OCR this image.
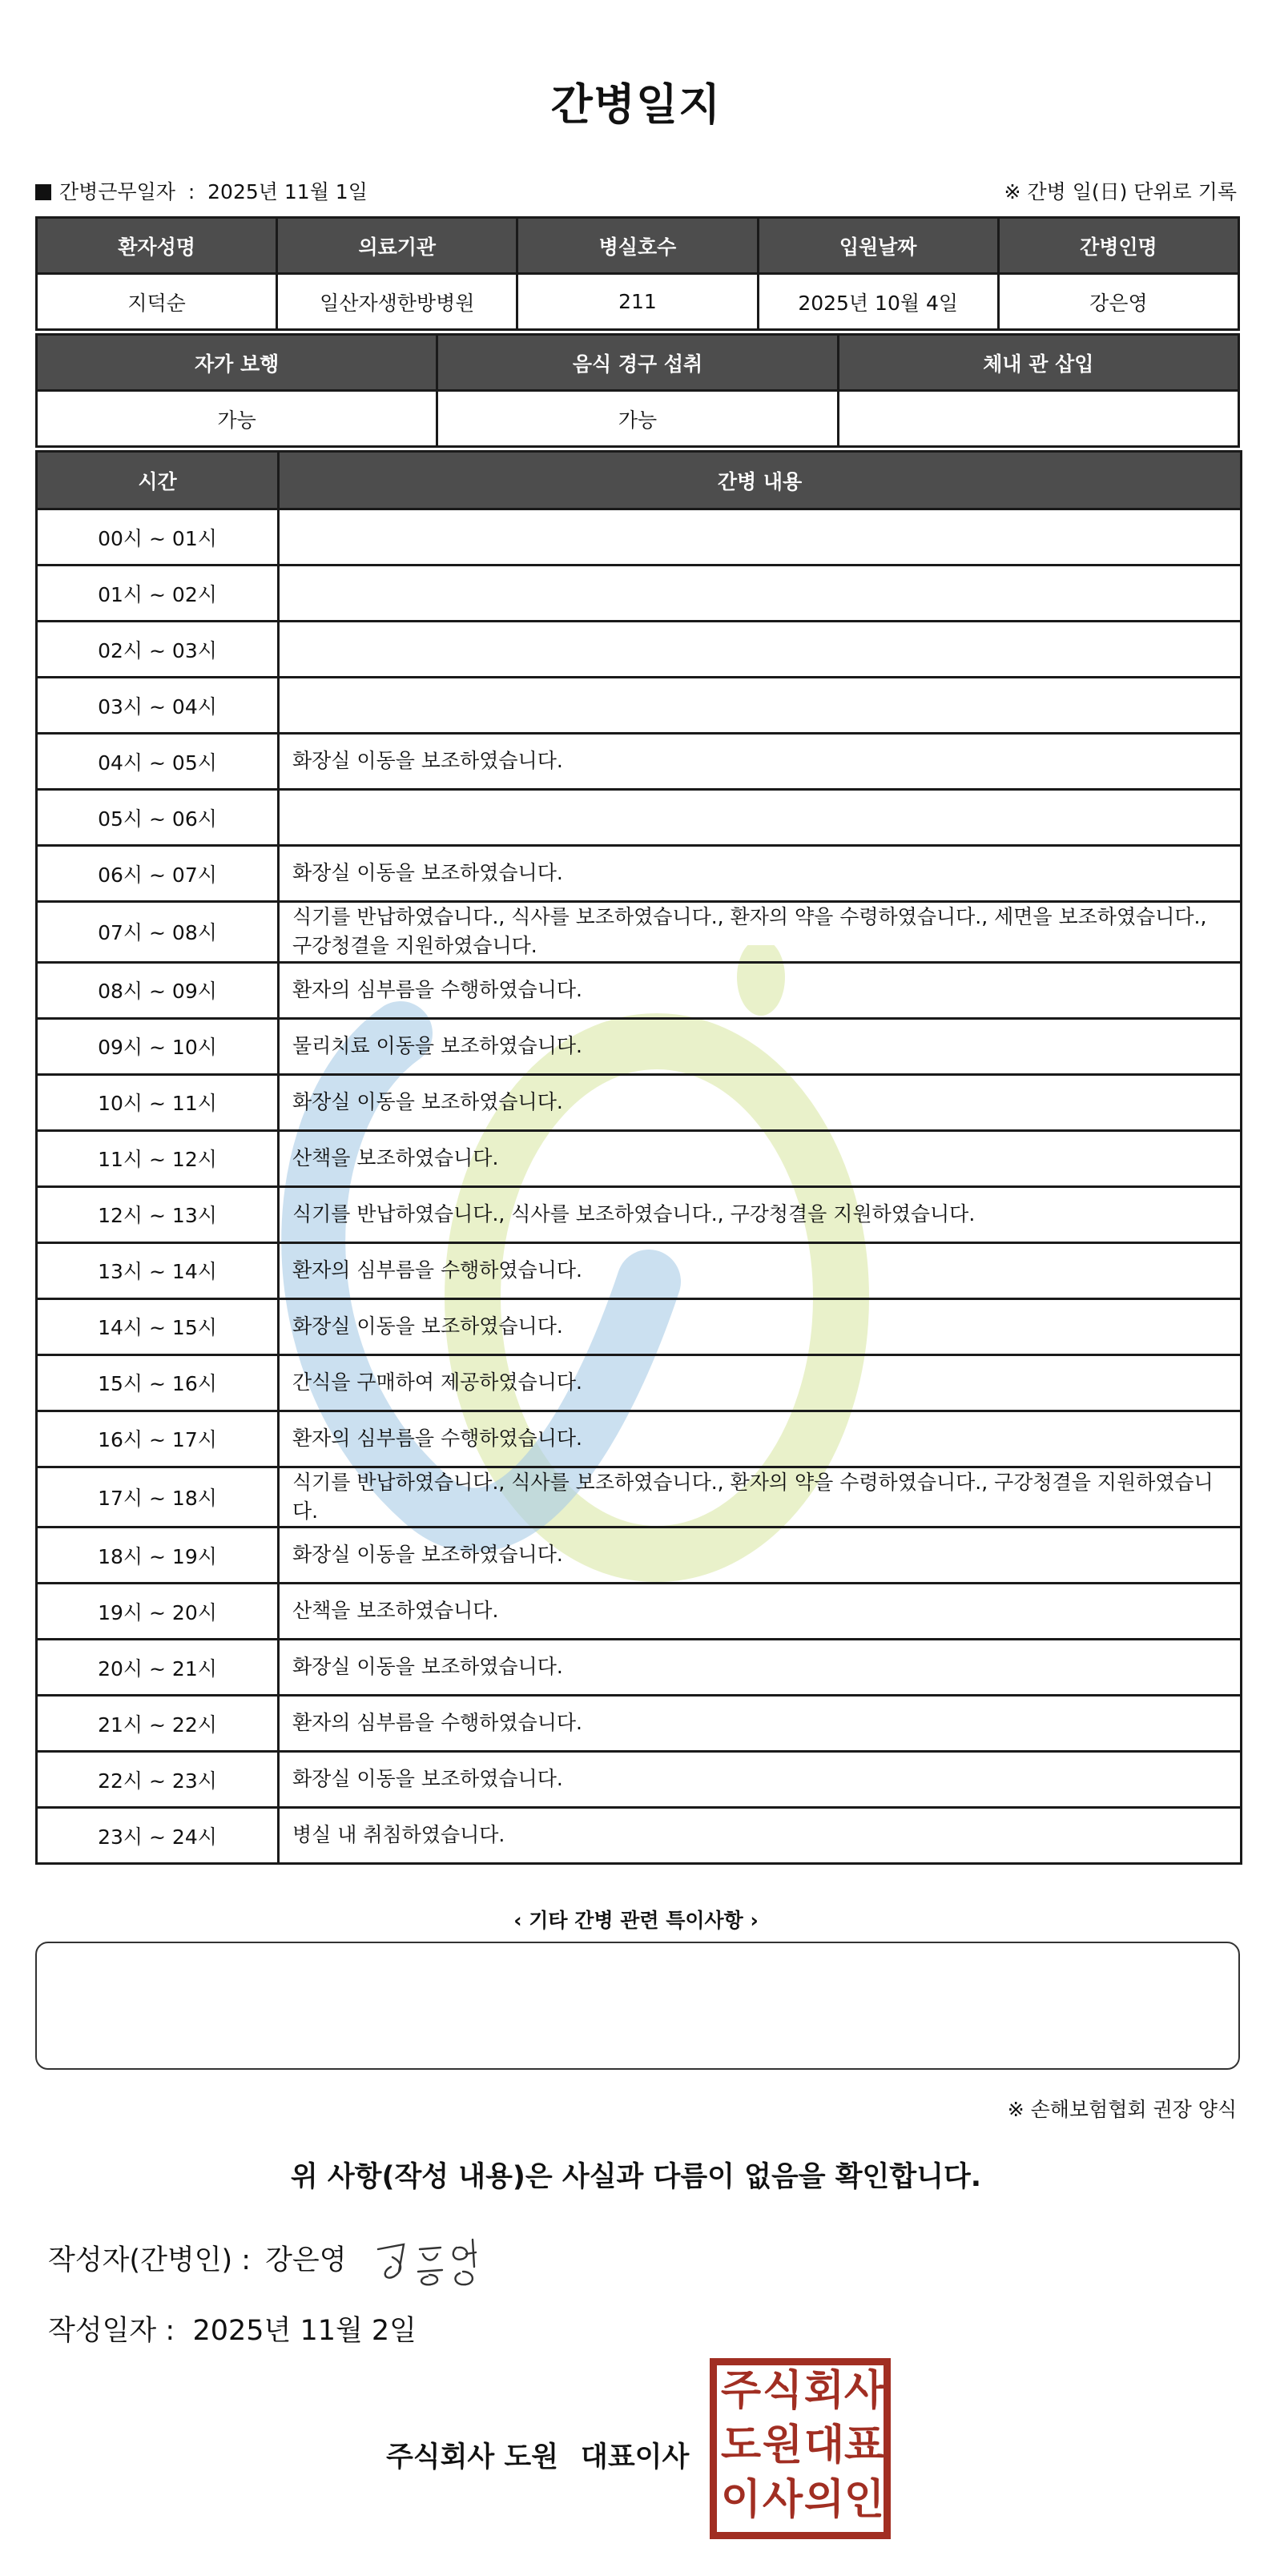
간병일지
간병근무일자 : 2025년 11월 1일	※ 간병 일(日) 단위로 기록
환자성명	의료기관	병실호수	입원날짜	간병인명
지덕순	일산자생한방병원	211	2025년 10월 4일	강은영
자가 보행	음식 경구 섭취	체내 관 삽입
가능	가능	
시간	간병 내용
00시 ~ 01시	
01시 ~ 02시	
02시 ~ 03시	
03시 ~ 04시	
04시 ~ 05시	화장실 이동을 보조하였습니다.
05시 ~ 06시	
06시 ~ 07시	화장실 이동을 보조하였습니다.
07시 ~ 08시	식기를 반납하였습니다., 식사를 보조하였습니다., 환자의 약을 수령하였습니다., 세면을 보조하였습니다., 구강청결을 지원하였습니다.
08시 ~ 09시	환자의 심부름을 수행하였습니다.
09시 ~ 10시	물리치료 이동을 보조하였습니다.
10시 ~ 11시	화장실 이동을 보조하였습니다.
11시 ~ 12시	산책을 보조하였습니다.
12시 ~ 13시	식기를 반납하였습니다., 식사를 보조하였습니다., 구강청결을 지원하였습니다.
13시 ~ 14시	환자의 심부름을 수행하였습니다.
14시 ~ 15시	화장실 이동을 보조하였습니다.
15시 ~ 16시	간식을 구매하여 제공하였습니다.
16시 ~ 17시	환자의 심부름을 수행하였습니다.
17시 ~ 18시	식기를 반납하였습니다., 식사를 보조하였습니다., 환자의 약을 수령하였습니다., 구강청결을 지원하였습니다.
18시 ~ 19시	화장실 이동을 보조하였습니다.
19시 ~ 20시	산책을 보조하였습니다.
20시 ~ 21시	화장실 이동을 보조하였습니다.
21시 ~ 22시	환자의 심부름을 수행하였습니다.
22시 ~ 23시	화장실 이동을 보조하였습니다.
23시 ~ 24시	병실 내 취침하였습니다.
‹ 기타 간병 관련 특이사항 ›
※ 손해보험협회 권장 양식
위 사항(작성 내용)은 사실과 다름이 없음을 확인합니다.
작성자(간병인) : 강은영
작성일자 : 2025년 11월 2일
주식회사 도원 대표이사
주 식 회 사
도 원 대 표
이 사 의 인
